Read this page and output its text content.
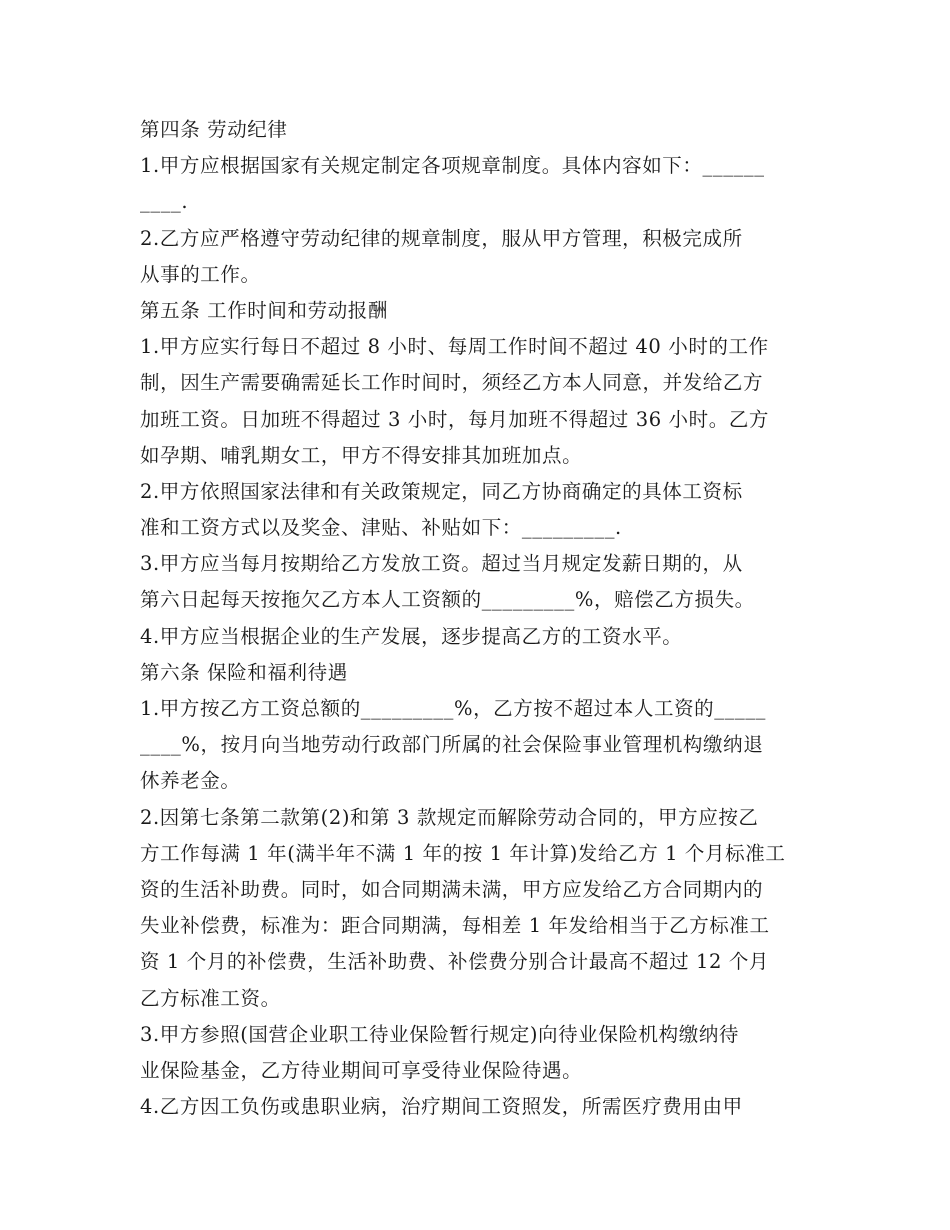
第四条 劳动纪律
1.甲方应根据国家有关规定制定各项规章制度。具体内容如下：______
____.
2.乙方应严格遵守劳动纪律的规章制度，服从甲方管理，积极完成所
从事的工作。
第五条 工作时间和劳动报酬
1.甲方应实行每日不超过 8 小时、每周工作时间不超过 40 小时的工作
制，因生产需要确需延长工作时间时，须经乙方本人同意，并发给乙方
加班工资。日加班不得超过 3 小时，每月加班不得超过 36 小时。乙方
如孕期、哺乳期女工，甲方不得安排其加班加点。
2.甲方依照国家法律和有关政策规定，同乙方协商确定的具体工资标
准和工资方式以及奖金、津贴、补贴如下：_________.
3.甲方应当每月按期给乙方发放工资。超过当月规定发薪日期的，从
第六日起每天按拖欠乙方本人工资额的_________%，赔偿乙方损失。
4.甲方应当根据企业的生产发展，逐步提高乙方的工资水平。
第六条 保险和福利待遇
1.甲方按乙方工资总额的_________%，乙方按不超过本人工资的_____
____%，按月向当地劳动行政部门所属的社会保险事业管理机构缴纳退
休养老金。
2.因第七条第二款第(2)和第 3 款规定而解除劳动合同的，甲方应按乙
方工作每满 1 年(满半年不满 1 年的按 1 年计算)发给乙方 1 个月标准工
资的生活补助费。同时，如合同期满未满，甲方应发给乙方合同期内的
失业补偿费，标准为：距合同期满，每相差 1 年发给相当于乙方标准工
资 1 个月的补偿费，生活补助费、补偿费分别合计最高不超过 12 个月
乙方标准工资。
3.甲方参照(国营企业职工待业保险暂行规定)向待业保险机构缴纳待
业保险基金，乙方待业期间可享受待业保险待遇。
4.乙方因工负伤或患职业病，治疗期间工资照发，所需医疗费用由甲
